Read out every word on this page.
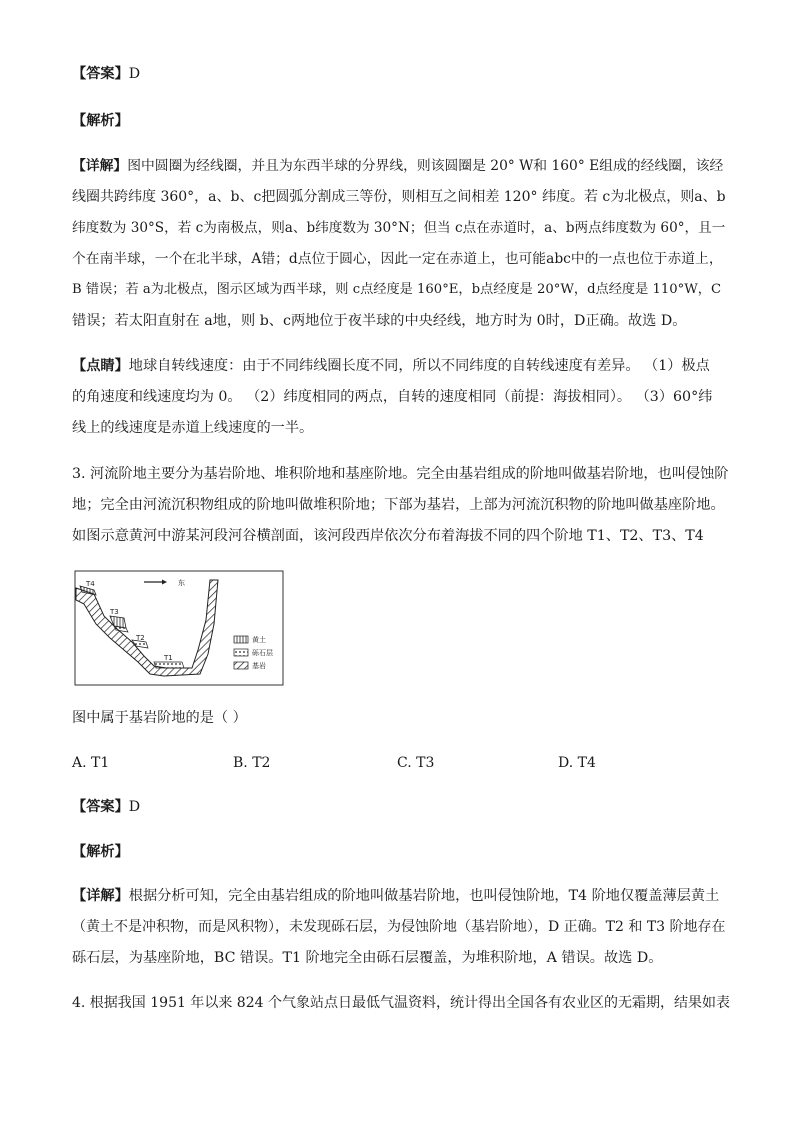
【答案】D
【解析】
【详解】图中圆圈为经线圈，并且为东西半球的分界线，则该圆圈是 20° W和 160° E组成的经线圈，该经
线圈共跨纬度 360°，a、b、c把圆弧分割成三等份，则相互之间相差 120° 纬度。若 c为北极点，则a、b
纬度数为 30°S，若 c为南极点，则a、b纬度数为 30°N；但当 c点在赤道时，a、b两点纬度数为 60°，且一
个在南半球，一个在北半球，A错；d点位于圆心，因此一定在赤道上，也可能abc中的一点也位于赤道上，
B 错误；若 a为北极点，图示区域为西半球，则 c点经度是 160°E，b点经度是 20°W，d点经度是 110°W，C
错误；若太阳直射在 a地，则 b、c两地位于夜半球的中央经线，地方时为 0时，D正确。故选 D。
【点睛】地球自转线速度：由于不同纬线圈长度不同，所以不同纬度的自转线速度有差异。 （1）极点
的角速度和线速度均为 0。 （2）纬度相同的两点，自转的速度相同（前提：海拔相同）。 （3）60°纬
线上的线速度是赤道上线速度的一半。
3. 河流阶地主要分为基岩阶地、堆积阶地和基座阶地。完全由基岩组成的阶地叫做基岩阶地，也叫侵蚀阶
地；完全由河流沉积物组成的阶地叫做堆积阶地；下部为基岩，上部为河流沉积物的阶地叫做基座阶地。
如图示意黄河中游某河段河谷横剖面，该河段西岸依次分布着海拔不同的四个阶地 T1、T2、T3、T4
东
T4
T3
T2
T1
黄土
砾石层
基岩
图中属于基岩阶地的是（ ）
A. T1	B. T2	C. T3	D. T4
【答案】D
【解析】
【详解】根据分析可知，完全由基岩组成的阶地叫做基岩阶地，也叫侵蚀阶地，T4 阶地仅覆盖薄层黄土
（黄土不是冲积物，而是风积物），未发现砾石层，为侵蚀阶地（基岩阶地），D 正确。T2 和 T3 阶地存在
砾石层，为基座阶地，BC 错误。T1 阶地完全由砾石层覆盖，为堆积阶地，A 错误。故选 D。
4. 根据我国 1951 年以来 824 个气象站点日最低气温资料，统计得出全国各有农业区的无霜期，结果如表
